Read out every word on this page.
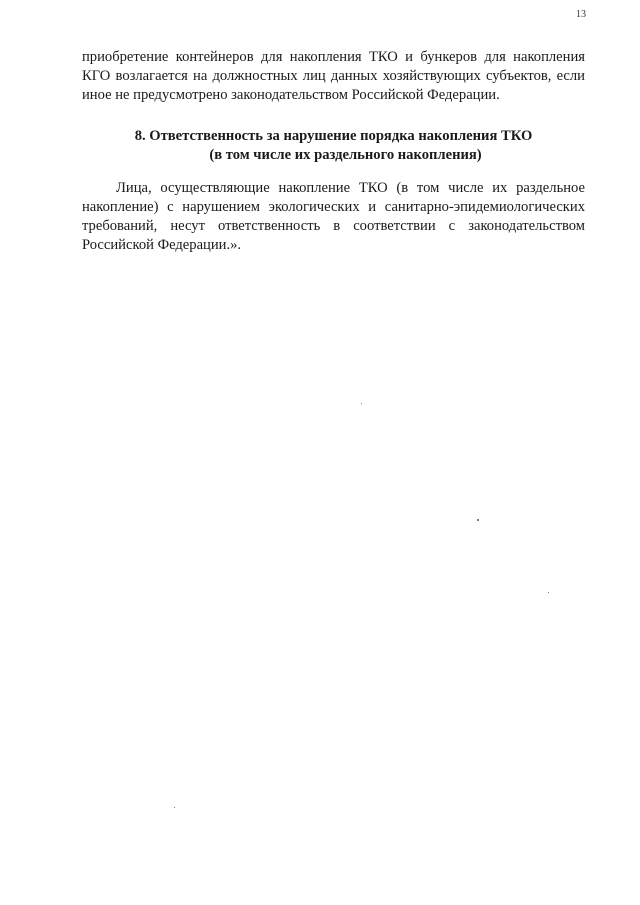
13

приобретение контейнеров для накопления ТКО и бункеров для накопления КГО возлагается на должностных лиц данных хозяйствующих субъектов, если иное не предусмотрено законодательством Российской Федерации.

8. Ответственность за нарушение порядка накопления ТКО
(в том числе их раздельного накопления)

Лица, осуществляющие накопление ТКО (в том числе их раздельное накопление) с нарушением экологических и санитарно-эпидемиологических требований, несут ответственность в соответствии с законодательством Российской Федерации.».
